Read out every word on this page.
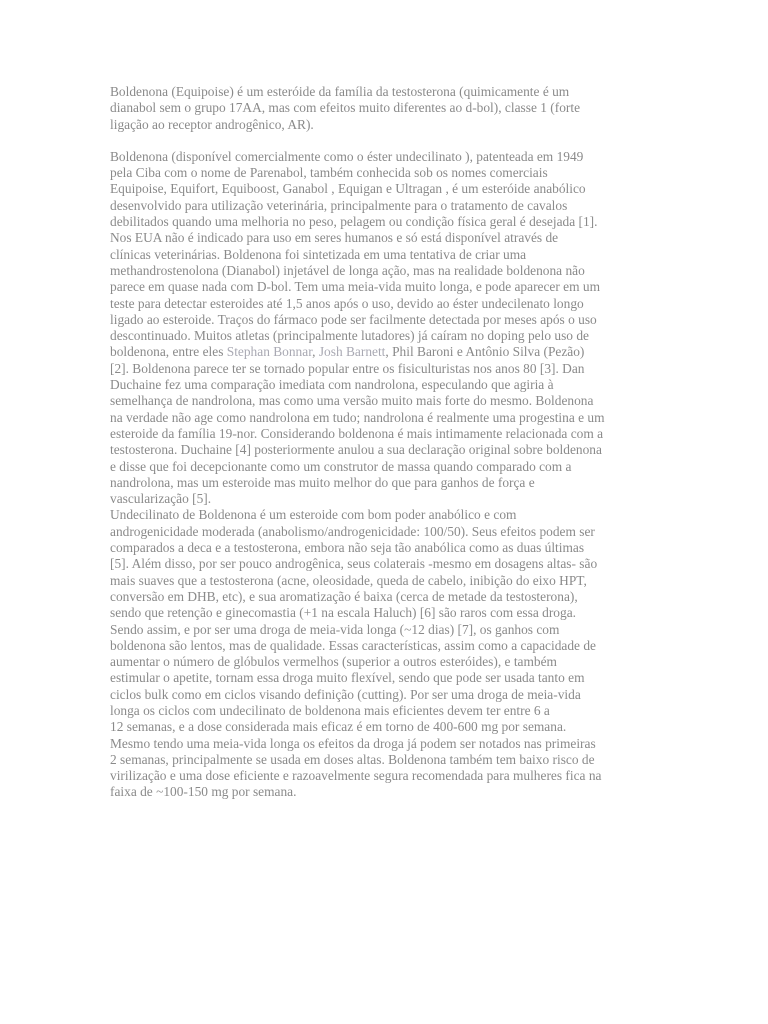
Boldenona (Equipoise) é um esteróide da família da testosterona (quimicamente é um
dianabol sem o grupo 17AA, mas com efeitos muito diferentes ao d-bol), classe 1 (forte
ligação ao receptor androgênico, AR).
Boldenona (disponível comercialmente como o éster undecilinato ), patenteada em 1949
pela Ciba com o nome de Parenabol, também conhecida sob os nomes comerciais
Equipoise, Equifort, Equiboost, Ganabol , Equigan e Ultragan , é um esteróide anabólico
desenvolvido para utilização veterinária, principalmente para o tratamento de cavalos
debilitados quando uma melhoria no peso, pelagem ou condição física geral é desejada [1].
Nos EUA não é indicado para uso em seres humanos e só está disponível através de
clínicas veterinárias. Boldenona foi sintetizada em uma tentativa de criar uma
methandrostenolona (Dianabol) injetável de longa ação, mas na realidade boldenona não
parece em quase nada com D-bol. Tem uma meia-vida muito longa, e pode aparecer em um
teste para detectar esteroides até 1,5 anos após o uso, devido ao éster undecilenato longo
ligado ao esteroide. Traços do fármaco pode ser facilmente detectada por meses após o uso
descontinuado. Muitos atletas (principalmente lutadores) já caíram no doping pelo uso de
boldenona, entre eles Stephan Bonnar, Josh Barnett, Phil Baroni e Antônio Silva (Pezão)
[2]. Boldenona parece ter se tornado popular entre os fisiculturistas nos anos 80 [3]. Dan
Duchaine fez uma comparação imediata com nandrolona, especulando que agiria à
semelhança de nandrolona, mas como uma versão muito mais forte do mesmo. Boldenona
na verdade não age como nandrolona em tudo; nandrolona é realmente uma progestina e um
esteroide da família 19-nor. Considerando boldenona é mais intimamente relacionada com a
testosterona. Duchaine [4] posteriormente anulou a sua declaração original sobre boldenona
e disse que foi decepcionante como um construtor de massa quando comparado com a
nandrolona, mas um esteroide mas muito melhor do que para ganhos de força e
vascularização [5].
Undecilinato de Boldenona é um esteroide com bom poder anabólico e com
androgenicidade moderada (anabolismo/androgenicidade: 100/50). Seus efeitos podem ser
comparados a deca e a testosterona, embora não seja tão anabólica como as duas últimas
[5]. Além disso, por ser pouco androgênica, seus colaterais -mesmo em dosagens altas- são
mais suaves que a testosterona (acne, oleosidade, queda de cabelo, inibição do eixo HPT,
conversão em DHB, etc), e sua aromatização é baixa (cerca de metade da testosterona),
sendo que retenção e ginecomastia (+1 na escala Haluch) [6] são raros com essa droga.
Sendo assim, e por ser uma droga de meia-vida longa (~12 dias) [7], os ganhos com
boldenona são lentos, mas de qualidade. Essas características, assim como a capacidade de
aumentar o número de glóbulos vermelhos (superior a outros esteróides), e também
estimular o apetite, tornam essa droga muito flexível, sendo que pode ser usada tanto em
ciclos bulk como em ciclos visando definição (cutting). Por ser uma droga de meia-vida
longa os ciclos com undecilinato de boldenona mais eficientes devem ter entre 6 a
12 semanas, e a dose considerada mais eficaz é em torno de 400-600 mg por semana.
Mesmo tendo uma meia-vida longa os efeitos da droga já podem ser notados nas primeiras
2 semanas, principalmente se usada em doses altas. Boldenona também tem baixo risco de
virilização e uma dose eficiente e razoavelmente segura recomendada para mulheres fica na
faixa de ~100-150 mg por semana.
